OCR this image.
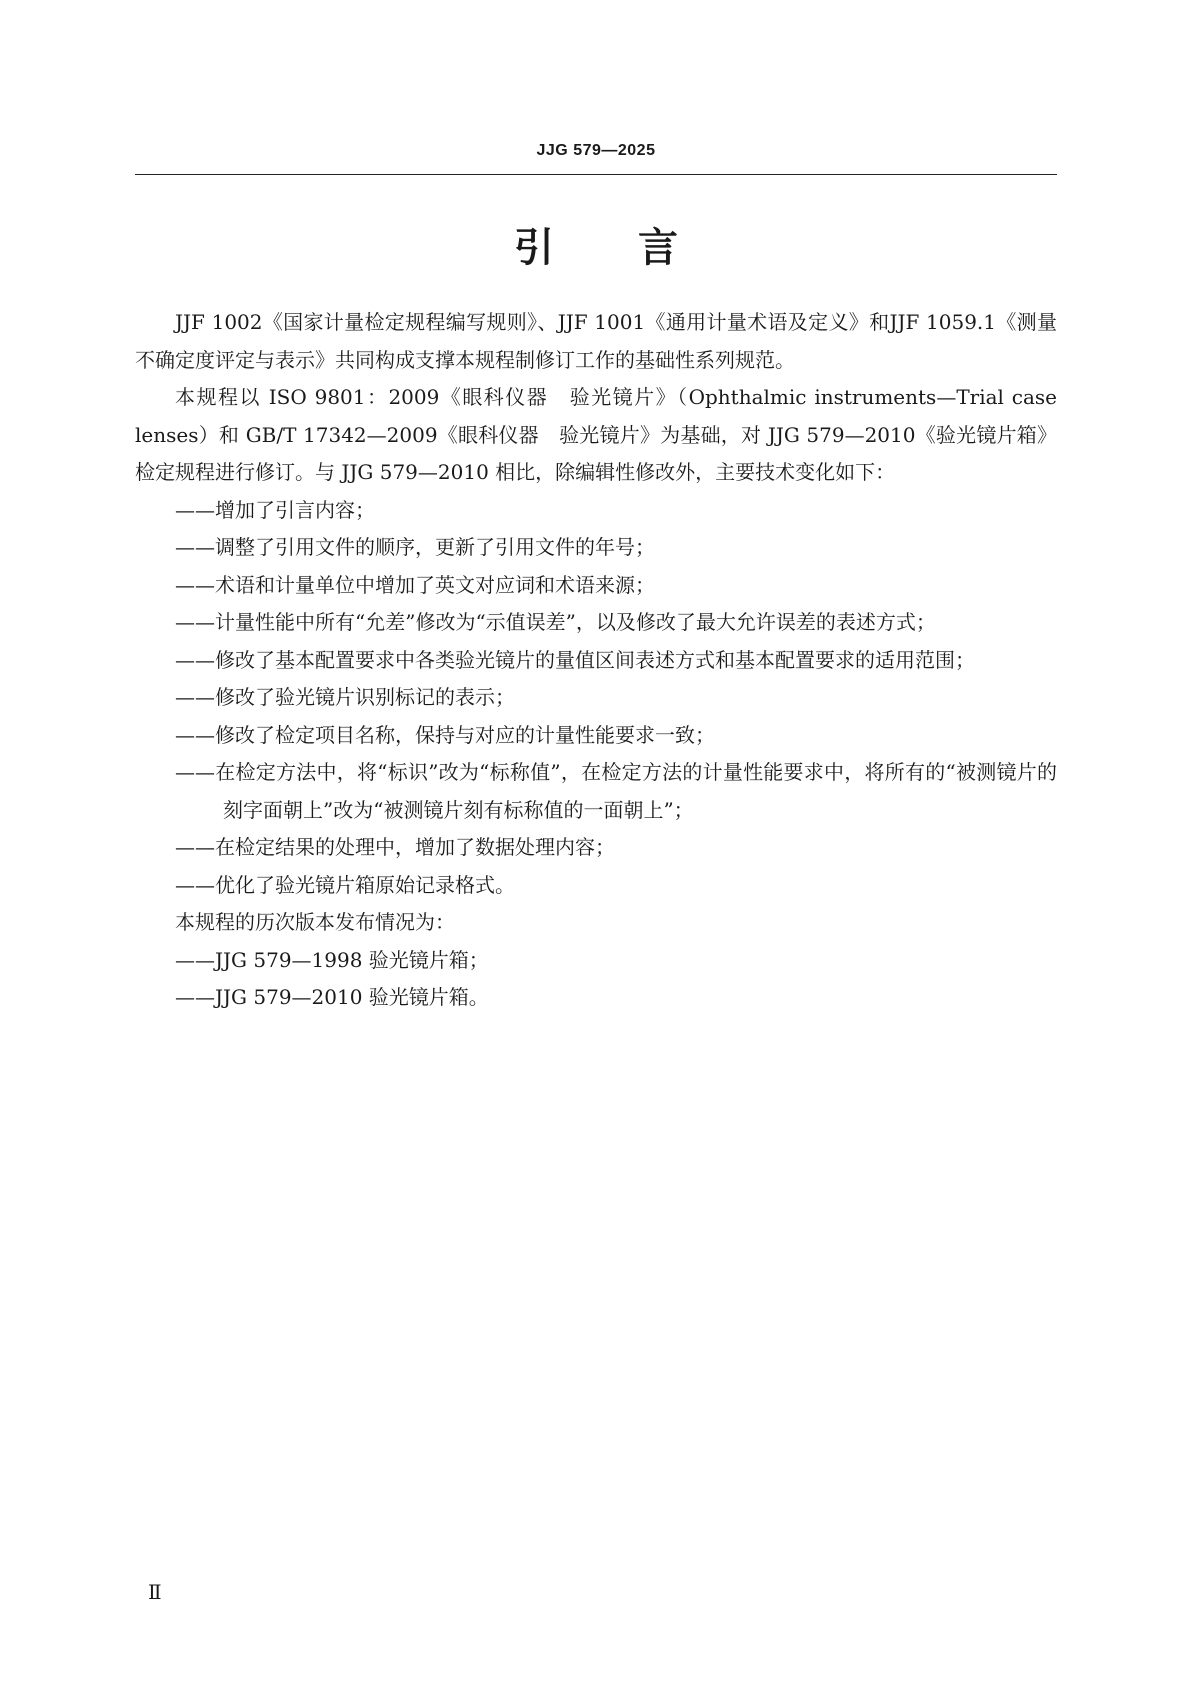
JJG 579—2025
引 言

JJF 1002《国家计量检定规程编写规则》、JJF 1001《通用计量术语及定义》和JJF 1059.1《测量不确定度评定与表示》共同构成支撑本规程制修订工作的基础性系列规范。

本规程以 ISO 9801：2009《眼科仪器　验光镜片》（Ophthalmic instruments—Trial case lenses）和 GB/T 17342—2009《眼科仪器　验光镜片》为基础，对 JJG 579—2010《验光镜片箱》检定规程进行修订。与 JJG 579—2010 相比，除编辑性修改外，主要技术变化如下：

——增加了引言内容；

——调整了引用文件的顺序，更新了引用文件的年号；

——术语和计量单位中增加了英文对应词和术语来源；

——计量性能中所有“允差”修改为“示值误差”，以及修改了最大允许误差的表述方式；

——修改了基本配置要求中各类验光镜片的量值区间表述方式和基本配置要求的适用范围；

——修改了验光镜片识别标记的表示；

——修改了检定项目名称，保持与对应的计量性能要求一致；

——在检定方法中，将“标识”改为“标称值”，在检定方法的计量性能要求中，将所有的“被测镜片的刻字面朝上”改为“被测镜片刻有标称值的一面朝上”；

——在检定结果的处理中，增加了数据处理内容；

——优化了验光镜片箱原始记录格式。

本规程的历次版本发布情况为：

——JJG 579—1998 验光镜片箱；

——JJG 579—2010 验光镜片箱。

Ⅱ
